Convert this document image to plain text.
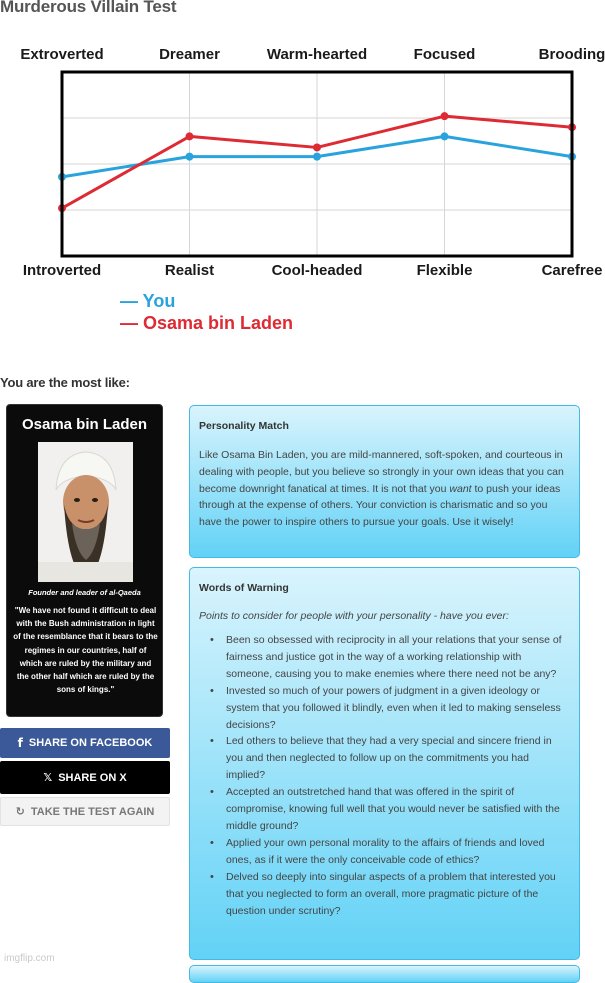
Murderous Villain Test
Extroverted	Dreamer	Warm-hearted	Focused	Brooding
Introverted	Realist	Cool-headed	Flexible	Carefree
— You
— Osama bin Laden
You are the most like:
Osama bin Laden
Founder and leader of al-Qaeda
"We have not found it difficult to deal with the Bush administration in light of the resemblance that it bears to the regimes in our countries, half of which are ruled by the military and the other half which are ruled by the sons of kings."
f SHARE ON FACEBOOK
𝕏 SHARE ON X
↻ TAKE THE TEST AGAIN
Personality Match
Like Osama Bin Laden, you are mild-mannered, soft-spoken, and courteous in dealing with people, but you believe so strongly in your own ideas that you can become downright fanatical at times. It is not that you want to push your ideas through at the expense of others. Your conviction is charismatic and so you have the power to inspire others to pursue your goals. Use it wisely!
Words of Warning
Points to consider for people with your personality - have you ever:
• Been so obsessed with reciprocity in all your relations that your sense of fairness and justice got in the way of a working relationship with someone, causing you to make enemies where there need not be any?
• Invested so much of your powers of judgment in a given ideology or system that you followed it blindly, even when it led to making senseless decisions?
• Led others to believe that they had a very special and sincere friend in you and then neglected to follow up on the commitments you had implied?
• Accepted an outstretched hand that was offered in the spirit of compromise, knowing full well that you would never be satisfied with the middle ground?
• Applied your own personal morality to the affairs of friends and loved ones, as if it were the only conceivable code of ethics?
• Delved so deeply into singular aspects of a problem that interested you that you neglected to form an overall, more pragmatic picture of the question under scrutiny?
imgflip.com
